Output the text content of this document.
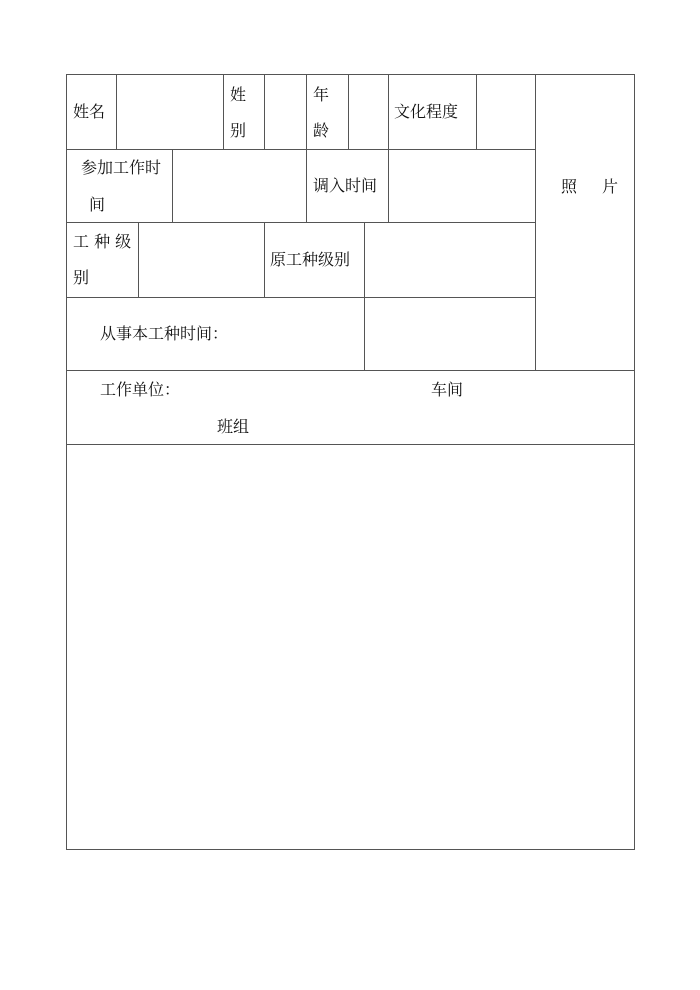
姓名
姓
别
年
龄
文化程度
照 片
参加工作时
间
调入时间
工 种 级
别
原工种级别
从事本工种时间：
工作单位：	车间
班组
